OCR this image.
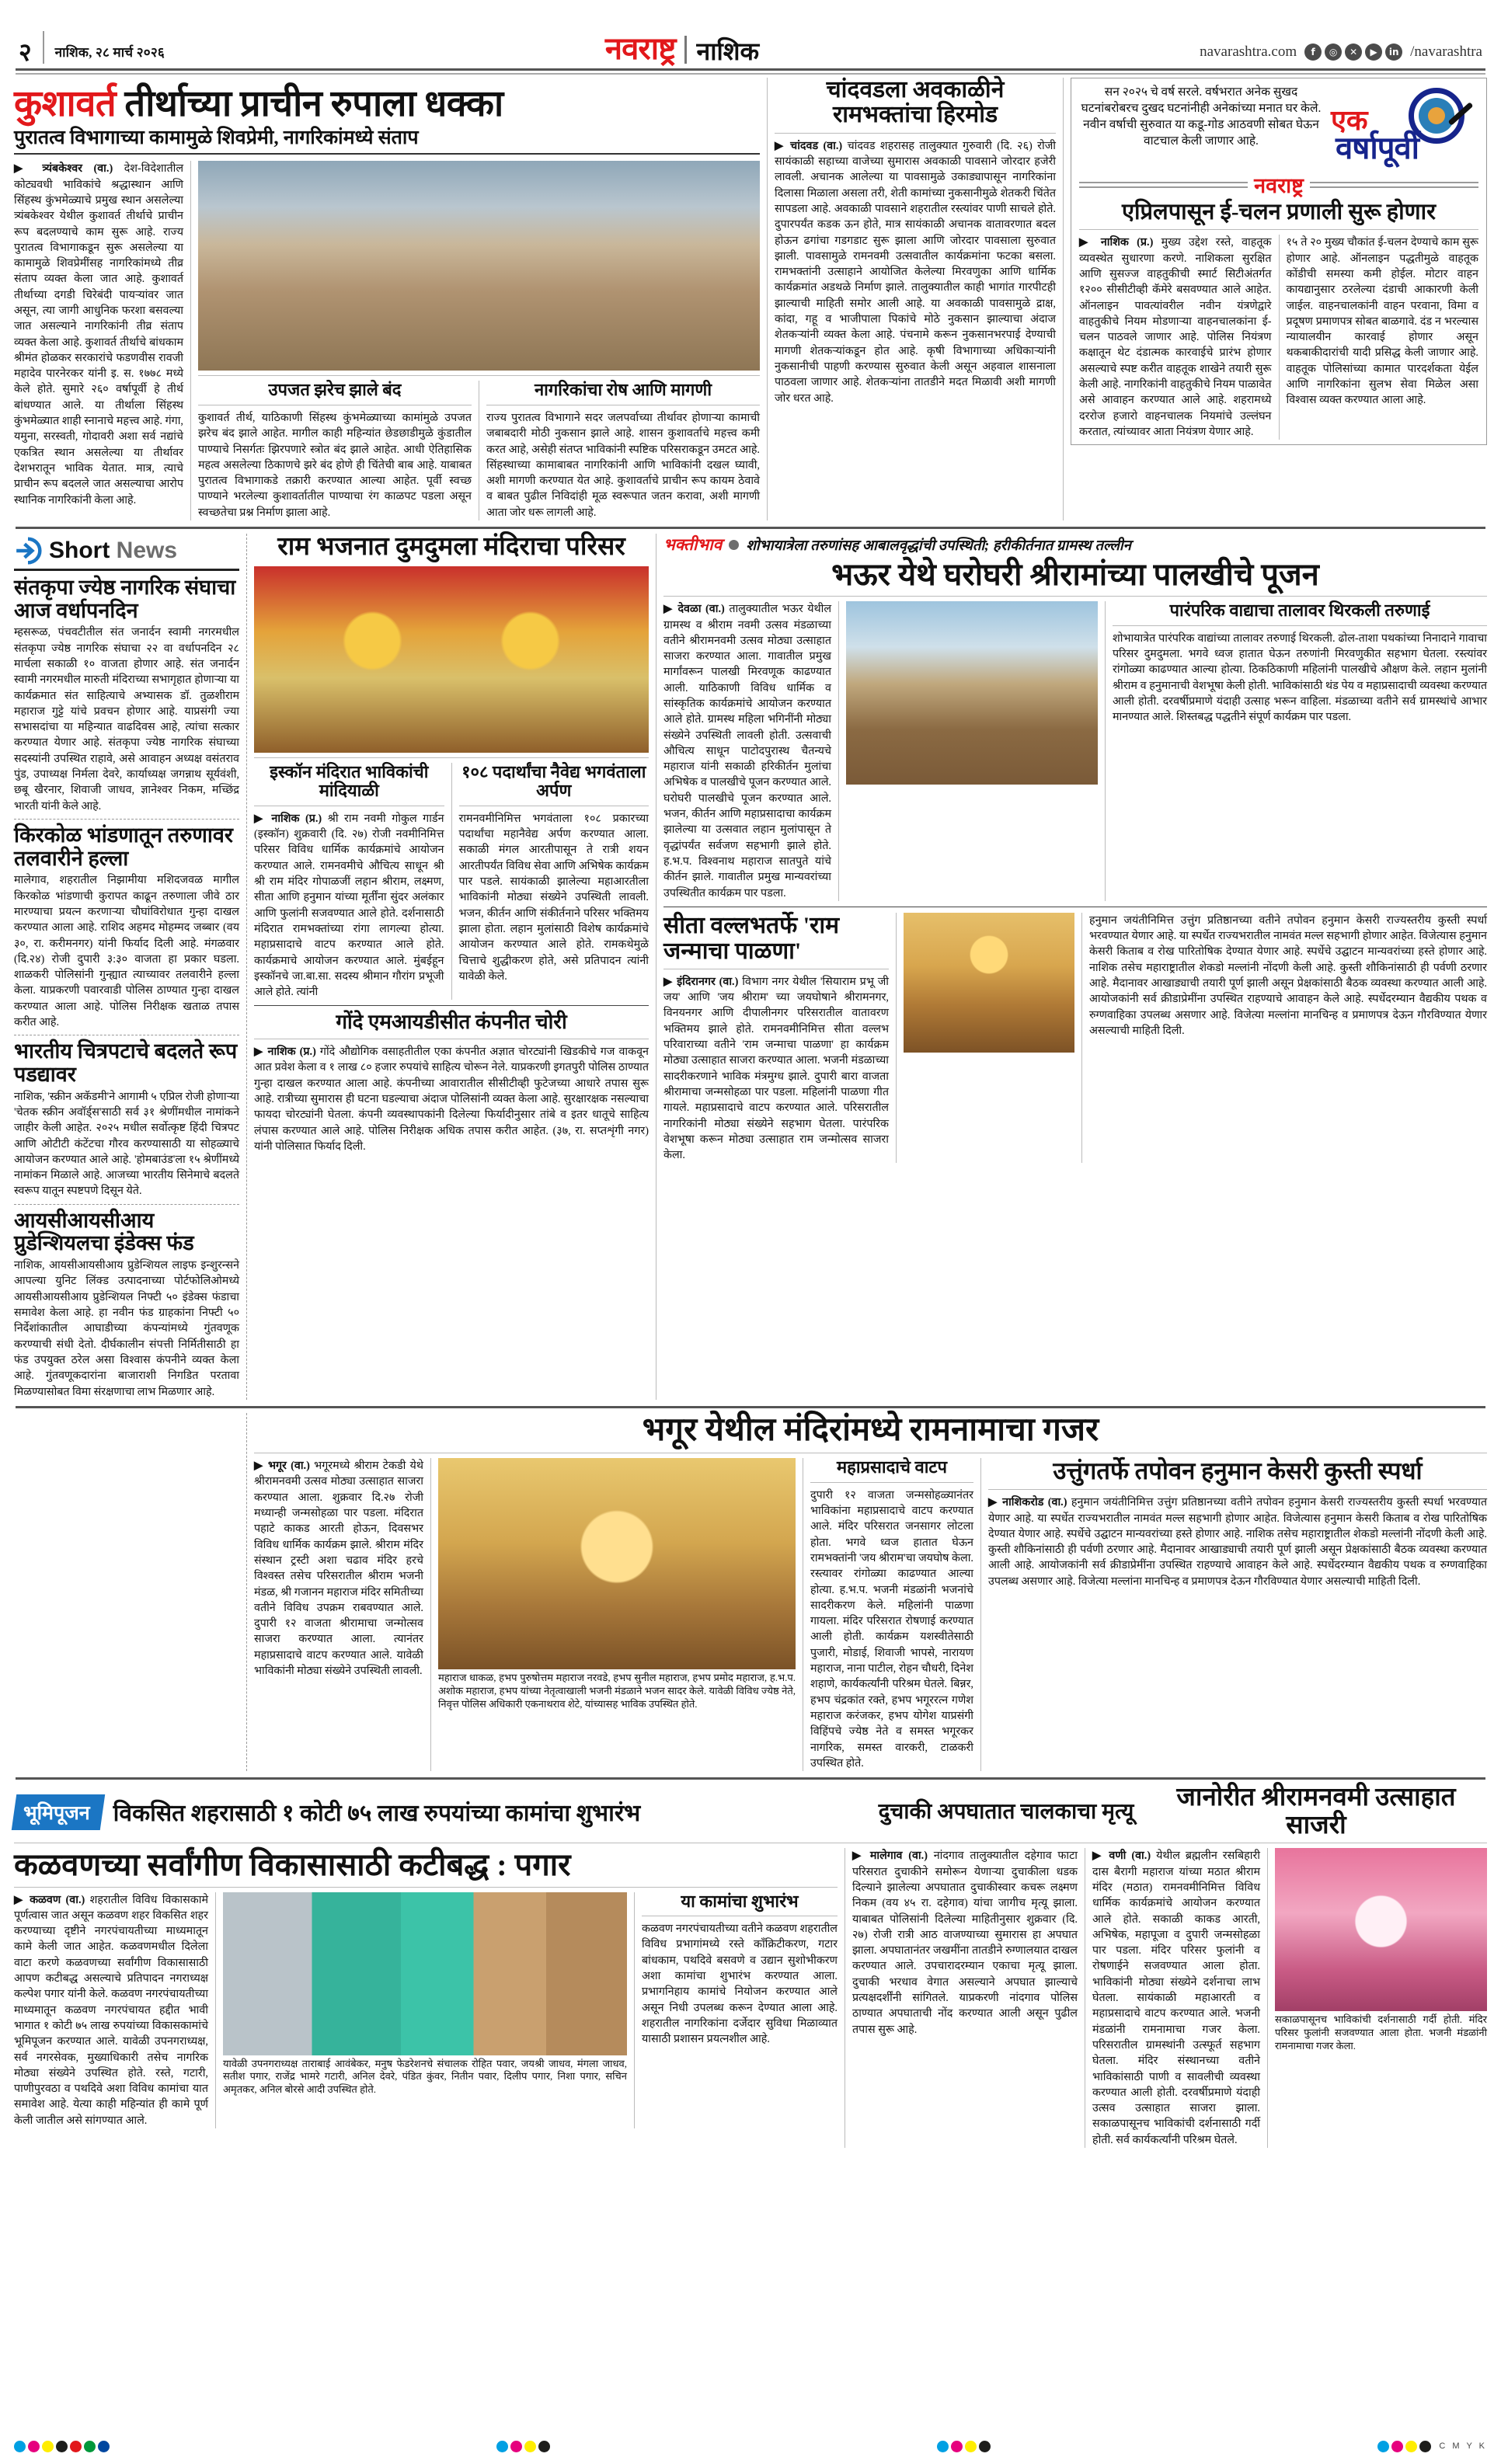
२ नाशिक, २८ मार्च २०२६	नवराष्ट्र नाशिक	navarashtra.com	f	◎	✕	▶	in /navarashtra
कुशावर्त तीर्थाच्या प्राचीन रुपाला धक्का
पुरातत्व विभागाच्या कामामुळे शिवप्रेमी, नागरिकांमध्ये संताप
▶ त्र्यंबकेश्वर (वा.) देश-विदेशातील कोट्यवधी भाविकांचे श्रद्धास्थान आणि सिंहस्थ कुंभमेळ्याचे प्रमुख स्थान असलेल्या त्र्यंबकेश्वर येथील कुशावर्त तीर्थाचे प्राचीन रूप बदलण्याचे काम सुरू आहे. राज्य पुरातत्व विभागाकडून सुरू असलेल्या या कामामुळे शिवप्रेमींसह नागरिकांमध्ये तीव्र संताप व्यक्त केला जात आहे. कुशावर्त तीर्थाच्या दगडी चिरेबंदी पायऱ्यांवर जात असून, त्या जागी आधुनिक फरशा बसवल्या जात असल्याने नागरिकांनी तीव्र संताप व्यक्त केला आहे. कुशावर्त तीर्थाचे बांधकाम श्रीमंत होळकर सरकारांचे फडणवीस रावजी महादेव पारनेरकर यांनी इ. स. १७७८ मध्ये केले होते. सुमारे २६० वर्षापूर्वी हे तीर्थ बांधण्यात आले. या तीर्थाला सिंहस्थ कुंभमेळ्यात शाही स्नानाचे महत्त्व आहे. गंगा, यमुना, सरस्वती, गोदावरी अशा सर्व नद्यांचे एकत्रित स्थान असलेल्या या तीर्थावर देशभरातून भाविक येतात. मात्र, त्याचे प्राचीन रूप बदलले जात असल्याचा आरोप स्थानिक नागरिकांनी केला आहे.
उपजत झरेच झाले बंद
कुशावर्त तीर्थ, याठिकाणी सिंहस्थ कुंभमेळ्याच्या कामांमुळे उपजत झरेच बंद झाले आहेत. मागील काही महिन्यांत छेडछाडीमुळे कुंडातील पाण्याचे निसर्गतः झिरपणारे स्त्रोत बंद झाले आहेत. आधी ऐतिहासिक महत्व असलेल्या ठिकाणचे झरे बंद होणे ही चिंतेची बाब आहे. याबाबत पुरातत्व विभागाकडे तक्रारी करण्यात आल्या आहेत. पूर्वी स्वच्छ पाण्याने भरलेल्या कुशावर्तातील पाण्याचा रंग काळपट पडला असून स्वच्छतेचा प्रश्न निर्माण झाला आहे.
नागरिकांचा रोष आणि मागणी
राज्य पुरातत्व विभागाने सदर जलपर्वाच्या तीर्थावर होणाऱ्या कामाची जबाबदारी मोठी नुकसान झाले आहे. शासन कुशावर्ताचे महत्त्व कमी करत आहे, असेही संतप्त भाविकांनी स्पष्टिक परिसराकडून उमटत आहे. सिंहस्थाच्या कामाबाबत नागरिकांनी आणि भाविकांनी दखल घ्यावी, अशी मागणी करण्यात येत आहे. कुशावर्ताचे प्राचीन रूप कायम ठेवावे व बाबत पुढील निविदांही मूळ स्वरूपात जतन करावा, अशी मागणी आता जोर धरू लागली आहे.
चांदवडला अवकाळीने रामभक्तांचा हिरमोड
▶ चांदवड (वा.) चांदवड शहरासह तालुक्यात गुरुवारी (दि. २६) रोजी सायंकाळी सहाच्या वाजेच्या सुमारास अवकाळी पावसाने जोरदार हजेरी लावली. अचानक आलेल्या या पावसामुळे उकाड्यापासून नागरिकांना दिलासा मिळाला असला तरी, शेती कामांच्या नुकसानीमुळे शेतकरी चिंतेत सापडला आहे. अवकाळी पावसाने शहरातील रस्त्यांवर पाणी साचले होते. दुपारपर्यंत कडक ऊन होते, मात्र सायंकाळी अचानक वातावरणात बदल होऊन ढगांचा गडगडाट सुरू झाला आणि जोरदार पावसाला सुरुवात झाली. पावसामुळे रामनवमी उत्सवातील कार्यक्रमांना फटका बसला. रामभक्तांनी उत्साहाने आयोजित केलेल्या मिरवणुका आणि धार्मिक कार्यक्रमांत अडथळे निर्माण झाले. तालुक्यातील काही भागांत गारपीटही झाल्याची माहिती समोर आली आहे. या अवकाळी पावसामुळे द्राक्ष, कांदा, गहू व भाजीपाला पिकांचे मोठे नुकसान झाल्याचा अंदाज शेतकऱ्यांनी व्यक्त केला आहे. पंचनामे करून नुकसानभरपाई देण्याची मागणी शेतकऱ्यांकडून होत आहे. कृषी विभागाच्या अधिकाऱ्यांनी नुकसानीची पाहणी करण्यास सुरुवात केली असून अहवाल शासनाला पाठवला जाणार आहे. शेतकऱ्यांना तातडीने मदत मिळावी अशी मागणी जोर धरत आहे.
सन २०२५ चे वर्ष सरले. वर्षभरात अनेक सुखद घटनांबरोबरच दुखद घटनांनीही अनेकांच्या मनात घर केले. नवीन वर्षाची सुरुवात या कडू-गोड आठवणी सोबत घेऊन वाटचाल केली जाणार आहे.
एक
वर्षापूर्वी
नवराष्ट्र
एप्रिलपासून ई-चलन प्रणाली सुरू होणार
▶ नाशिक (प्र.) मुख्य उद्देश रस्ते, वाहतूक व्यवस्थेत सुधारणा करणे. नाशिकला सुरक्षित आणि सुसज्ज वाहतुकीची स्मार्ट सिटीअंतर्गत १२०० सीसीटीव्ही कॅमेरे बसवण्यात आले आहेत. ऑनलाइन पावत्यांवरील नवीन यंत्रणेद्वारे वाहतुकीचे नियम मोडणाऱ्या वाहनचालकांना ई-चलन पाठवले जाणार आहे. पोलिस नियंत्रण कक्षातून थेट दंडात्मक कारवाईचे प्रारंभ होणार असल्याचे स्पष्ट करीत वाहतूक शाखेने तयारी सुरू केली आहे. नागरिकांनी वाहतुकीचे नियम पाळावेत असे आवाहन करण्यात आले आहे. शहरामध्ये दररोज हजारो वाहनचालक नियमांचे उल्लंघन करतात, त्यांच्यावर आता नियंत्रण येणार आहे.
१५ ते २० मुख्य चौकांत ई-चलन देण्याचे काम सुरू होणार आहे. ऑनलाइन पद्धतीमुळे वाहतूक कोंडीची समस्या कमी होईल. मोटार वाहन कायद्यानुसार ठरलेल्या दंडाची आकारणी केली जाईल. वाहनचालकांनी वाहन परवाना, विमा व प्रदूषण प्रमाणपत्र सोबत बाळगावे. दंड न भरल्यास न्यायालयीन कारवाई होणार असून थकबाकीदारांची यादी प्रसिद्ध केली जाणार आहे. वाहतूक पोलिसांच्या कामात पारदर्शकता येईल आणि नागरिकांना सुलभ सेवा मिळेल असा विश्वास व्यक्त करण्यात आला आहे.
Short News
संतकृपा ज्येष्ठ नागरिक संघाचा आज वर्धापनदिन
म्हसरूळ, पंचवटीतील संत जनार्दन स्वामी नगरमधील संतकृपा ज्येष्ठ नागरिक संघाचा २२ वा वर्धापनदिन २८ मार्चला सकाळी १० वाजता होणार आहे. संत जनार्दन स्वामी नगरमधील मारुती मंदिराच्या सभागृहात होणाऱ्या या कार्यक्रमात संत साहित्याचे अभ्यासक डॉ. तुळशीराम महाराज गुट्टे यांचे प्रवचन होणार आहे. याप्रसंगी ज्या सभासदांचा या महिन्यात वाढदिवस आहे, त्यांचा सत्कार करण्यात येणार आहे. संतकृपा ज्येष्ठ नागरिक संघाच्या सदस्यांनी उपस्थित राहावे, असे आवाहन अध्यक्ष वसंतराव पुंड, उपाध्यक्ष निर्मला देवरे, कार्याध्यक्ष जगन्नाथ सूर्यवंशी, छबू खैरनार, शिवाजी जाधव, ज्ञानेश्वर निकम, मच्छिंद्र भारती यांनी केले आहे.
किरकोळ भांडणातून तरुणावर तलवारीने हल्ला
मालेगाव, शहरातील निझामीया मशिदजवळ मागील किरकोळ भांडणाची कुरापत काढून तरुणाला जीवे ठार मारण्याचा प्रयत्न करणाऱ्या चौघांविरोधात गुन्हा दाखल करण्यात आला आहे. राशिद अहमद मोहम्मद जब्बार (वय ३०, रा. करीमनगर) यांनी फिर्याद दिली आहे. मंगळवार (दि.२४) रोजी दुपारी ३:३० वाजता हा प्रकार घडला. शाळकरी पोलिसांनी गुन्ह्यात त्याच्यावर तलवारीने हल्ला केला. याप्रकरणी पवारवाडी पोलिस ठाण्यात गुन्हा दाखल करण्यात आला आहे. पोलिस निरीक्षक खताळ तपास करीत आहे.
भारतीय चित्रपटाचे बदलते रूप पडद्यावर
नाशिक, 'स्क्रीन अकॅडमी'ने आगामी ५ एप्रिल रोजी होणाऱ्या 'चेतक स्क्रीन अवॉर्ड्स'साठी सर्व ३१ श्रेणींमधील नामांकने जाहीर केली आहेत. २०२५ मधील सर्वोत्कृष्ट हिंदी चित्रपट आणि ओटीटी कंटेंटचा गौरव करण्यासाठी या सोहळ्याचे आयोजन करण्यात आले आहे. 'होमबाउंड'ला १५ श्रेणींमध्ये नामांकन मिळाले आहे. आजच्या भारतीय सिनेमाचे बदलते स्वरूप यातून स्पष्टपणे दिसून येते.
आयसीआयसीआय प्रुडेन्शियलचा इंडेक्स फंड
नाशिक, आयसीआयसीआय प्रुडेन्शियल लाइफ इन्शुरन्सने आपल्या युनिट लिंक्ड उत्पादनाच्या पोर्टफोलिओमध्ये आयसीआयसीआय प्रुडेन्शियल निफ्टी ५० इंडेक्स फंडाचा समावेश केला आहे. हा नवीन फंड ग्राहकांना निफ्टी ५० निर्देशांकातील आघाडीच्या कंपन्यांमध्ये गुंतवणूक करण्याची संधी देतो. दीर्घकालीन संपत्ती निर्मितीसाठी हा फंड उपयुक्त ठरेल असा विश्वास कंपनीने व्यक्त केला आहे. गुंतवणूकदारांना बाजाराशी निगडित परतावा मिळण्यासोबत विमा संरक्षणाचा लाभ मिळणार आहे.
राम भजनात दुमदुमला मंदिराचा परिसर
इस्कॉन मंदिरात भाविकांची मांदियाळी
▶ नाशिक (प्र.) श्री राम नवमी गोकुल गार्डन (इस्कॉन) शुक्रवारी (दि. २७) रोजी नवमीनिमित्त परिसर विविध धार्मिक कार्यक्रमांचे आयोजन करण्यात आले. रामनवमीचे औचित्य साधून श्री श्री राम मंदिर गोपाळजीं लहान श्रीराम, लक्ष्मण, सीता आणि हनुमान यांच्या मूर्तींना सुंदर अलंकार आणि फुलांनी सजवण्यात आले होते. दर्शनासाठी मंदिरात रामभक्तांच्या रांगा लागल्या होत्या. महाप्रसादाचे वाटप करण्यात आले होते. कार्यक्रमाचे आयोजन करण्यात आले. मुंबईहून इस्कॉनचे जा.बा.सा. सदस्य श्रीमान गौरांग प्रभूजी आले होते. त्यांनी
१०८ पदार्थांचा नैवेद्य भगवंताला अर्पण
रामनवमीनिमित्त भगवंताला १०८ प्रकारच्या पदार्थांचा महानैवेद्य अर्पण करण्यात आला. सकाळी मंगल आरतीपासून ते रात्री शयन आरतीपर्यंत विविध सेवा आणि अभिषेक कार्यक्रम पार पडले. सायंकाळी झालेल्या महाआरतीला भाविकांनी मोठ्या संख्येने उपस्थिती लावली. भजन, कीर्तन आणि संकीर्तनाने परिसर भक्तिमय झाला होता. लहान मुलांसाठी विशेष कार्यक्रमांचे आयोजन करण्यात आले होते. रामकथेमुळे चित्ताचे शुद्धीकरण होते, असे प्रतिपादन त्यांनी यावेळी केले.
गोंदे एमआयडीसीत कंपनीत चोरी
▶ नाशिक (प्र.) गोंदे औद्योगिक वसाहतीतील एका कंपनीत अज्ञात चोरट्यांनी खिडकीचे गज वाकवून आत प्रवेश केला व १ लाख ८० हजार रुपयांचे साहित्य चोरून नेले. याप्रकरणी इगतपुरी पोलिस ठाण्यात गुन्हा दाखल करण्यात आला आहे. कंपनीच्या आवारातील सीसीटीव्ही फुटेजच्या आधारे तपास सुरू आहे. रात्रीच्या सुमारास ही घटना घडल्याचा अंदाज पोलिसांनी व्यक्त केला आहे. सुरक्षारक्षक नसल्याचा फायदा चोरट्यांनी घेतला. कंपनी व्यवस्थापकांनी दिलेल्या फिर्यादीनुसार तांबे व इतर धातूचे साहित्य लंपास करण्यात आले आहे. पोलिस निरीक्षक अधिक तपास करीत आहेत. (३७, रा. सप्तशृंगी नगर) यांनी पोलिसात फिर्याद दिली.
भक्तीभाव शोभायात्रेला तरुणांसह आबालवृद्धांची उपस्थिती; हरीकीर्तनात ग्रामस्थ तल्लीन
भऊर येथे घरोघरी श्रीरामांच्या पालखीचे पूजन
▶ देवळा (वा.) तालुक्यातील भऊर येथील ग्रामस्थ व श्रीराम नवमी उत्सव मंडळाच्या वतीने श्रीरामनवमी उत्सव मोठ्या उत्साहात साजरा करण्यात आला. गावातील प्रमुख मार्गांवरून पालखी मिरवणूक काढण्यात आली. याठिकाणी विविध धार्मिक व सांस्कृतिक कार्यक्रमांचे आयोजन करण्यात आले होते. ग्रामस्थ महिला भगिनींनी मोठ्या संख्येने उपस्थिती लावली होती. उत्सवाची औचित्य साधून पाटोदपुरास्थ चैतन्यचे महाराज यांनी सकाळी हरिकीर्तन मुलांचा अभिषेक व पालखीचे पूजन करण्यात आले. घरोघरी पालखीचे पूजन करण्यात आले. भजन, कीर्तन आणि महाप्रसादाचा कार्यक्रम झालेल्या या उत्सवात लहान मुलांपासून ते वृद्धांपर्यंत सर्वजण सहभागी झाले होते. ह.भ.प. विश्वनाथ महाराज सातपुते यांचे कीर्तन झाले. गावातील प्रमुख मान्यवरांच्या उपस्थितीत कार्यक्रम पार पडला.
पारंपरिक वाद्याचा तालावर थिरकली तरुणाई
शोभायात्रेत पारंपरिक वाद्यांच्या तालावर तरुणाई थिरकली. ढोल-ताशा पथकांच्या निनादाने गावाचा परिसर दुमदुमला. भगवे ध्वज हातात घेऊन तरुणांनी मिरवणुकीत सहभाग घेतला. रस्त्यांवर रांगोळ्या काढण्यात आल्या होत्या. ठिकठिकाणी महिलांनी पालखीचे औक्षण केले. लहान मुलांनी श्रीराम व हनुमानाची वेशभूषा केली होती. भाविकांसाठी थंड पेय व महाप्रसादाची व्यवस्था करण्यात आली होती. दरवर्षीप्रमाणे यंदाही उत्साह भरून वाहिला. मंडळाच्या वतीने सर्व ग्रामस्थांचे आभार मानण्यात आले. शिस्तबद्ध पद्धतीने संपूर्ण कार्यक्रम पार पडला.
सीता वल्लभतर्फे 'राम जन्माचा पाळणा'
▶ इंदिरानगर (वा.) विभाग नगर येथील 'सियाराम प्रभू जी जय' आणि 'जय श्रीराम' च्या जयघोषाने श्रीरामनगर, विनयनगर आणि दीपालीनगर परिसरातील वातावरण भक्तिमय झाले होते. रामनवमीनिमित्त सीता वल्लभ परिवाराच्या वतीने 'राम जन्माचा पाळणा' हा कार्यक्रम मोठ्या उत्साहात साजरा करण्यात आला. भजनी मंडळाच्या सादरीकरणाने भाविक मंत्रमुग्ध झाले. दुपारी बारा वाजता श्रीरामाचा जन्मसोहळा पार पडला. महिलांनी पाळणा गीत गायले. महाप्रसादाचे वाटप करण्यात आले. परिसरातील नागरिकांनी मोठ्या संख्येने सहभाग घेतला. पारंपरिक वेशभूषा करून मोठ्या उत्साहात राम जन्मोत्सव साजरा केला.
हनुमान जयंतीनिमित्त उत्तुंग प्रतिष्ठानच्या वतीने तपोवन हनुमान केसरी राज्यस्तरीय कुस्ती स्पर्धा भरवण्यात येणार आहे. या स्पर्धेत राज्यभरातील नामवंत मल्ल सहभागी होणार आहेत. विजेत्यास हनुमान केसरी किताब व रोख पारितोषिक देण्यात येणार आहे. स्पर्धेचे उद्घाटन मान्यवरांच्या हस्ते होणार आहे. नाशिक तसेच महाराष्ट्रातील शेकडो मल्लांनी नोंदणी केली आहे. कुस्ती शौकिनांसाठी ही पर्वणी ठरणार आहे. मैदानावर आखाड्याची तयारी पूर्ण झाली असून प्रेक्षकांसाठी बैठक व्यवस्था करण्यात आली आहे. आयोजकांनी सर्व क्रीडाप्रेमींना उपस्थित राहण्याचे आवाहन केले आहे. स्पर्धेदरम्यान वैद्यकीय पथक व रुग्णवाहिका उपलब्ध असणार आहे. विजेत्या मल्लांना मानचिन्ह व प्रमाणपत्र देऊन गौरविण्यात येणार असल्याची माहिती दिली.
भगूर येथील मंदिरांमध्ये रामनामाचा गजर
▶ भगूर (वा.) भगूरमध्ये श्रीराम टेकडी येथे श्रीरामनवमी उत्सव मोठ्या उत्साहात साजरा करण्यात आला. शुक्रवार दि.२७ रोजी मध्यान्ही जन्मसोहळा पार पडला. मंदिरात पहाटे काकड आरती होऊन, दिवसभर विविध धार्मिक कार्यक्रम झाले. श्रीराम मंदिर संस्थान ट्रस्टी अशा चढाव मंदिर हरचे विश्वस्त तसेच परिसरातील श्रीराम भजनी मंडळ, श्री गजानन महाराज मंदिर समितीच्या वतीने विविध उपक्रम राबवण्यात आले. दुपारी १२ वाजता श्रीरामाचा जन्मोत्सव साजरा करण्यात आला. त्यानंतर महाप्रसादाचे वाटप करण्यात आले. यावेळी भाविकांनी मोठ्या संख्येने उपस्थिती लावली.
महाराज धाकळ, हभप पुरुषोत्तम महाराज नरवडे, हभप सुनील महाराज, हभप प्रमोद महाराज, ह.भ.प. अशोक महाराज, हभप यांच्या नेतृत्वाखाली भजनी मंडळाने भजन सादर केले. यावेळी विविध ज्येष्ठ नेते, निवृत्त पोलिस अधिकारी एकनाथराव शेटे, यांच्यासह भाविक उपस्थित होते.
महाप्रसादाचे वाटप
दुपारी १२ वाजता जन्मसोहळ्यानंतर भाविकांना महाप्रसादाचे वाटप करण्यात आले. मंदिर परिसरात जनसागर लोटला होता. भगवे ध्वज हातात घेऊन रामभक्तांनी 'जय श्रीराम'चा जयघोष केला. रस्त्यावर रांगोळ्या काढण्यात आल्या होत्या. ह.भ.प. भजनी मंडळांनी भजनांचे सादरीकरण केले. महिलांनी पाळणा गायला. मंदिर परिसरात रोषणाई करण्यात आली होती. कार्यक्रम यशस्वीतेसाठी पुजारी, मोडाई, शिवाजी भापसे, नारायण महाराज, नाना पाटील, रोहन चौधरी, दिनेश शहाणे, कार्यकर्त्यांनी परिश्रम घेतले. बिन्नर, हभप चंद्रकांत रक्ते, हभप भगूररत्न गणेश महाराज करंजकर, हभप योगेश याप्रसंगी विहिंपचे ज्येष्ठ नेते व समस्त भगूरकर नागरिक, समस्त वारकरी, टाळकरी उपस्थित होते.
उत्तुंगतर्फे तपोवन हनुमान केसरी कुस्ती स्पर्धा
▶ नाशिकरोड (वा.) हनुमान जयंतीनिमित्त उत्तुंग प्रतिष्ठानच्या वतीने तपोवन हनुमान केसरी राज्यस्तरीय कुस्ती स्पर्धा भरवण्यात येणार आहे. या स्पर्धेत राज्यभरातील नामवंत मल्ल सहभागी होणार आहेत. विजेत्यास हनुमान केसरी किताब व रोख पारितोषिक देण्यात येणार आहे. स्पर्धेचे उद्घाटन मान्यवरांच्या हस्ते होणार आहे. नाशिक तसेच महाराष्ट्रातील शेकडो मल्लांनी नोंदणी केली आहे. कुस्ती शौकिनांसाठी ही पर्वणी ठरणार आहे. मैदानावर आखाड्याची तयारी पूर्ण झाली असून प्रेक्षकांसाठी बैठक व्यवस्था करण्यात आली आहे. आयोजकांनी सर्व क्रीडाप्रेमींना उपस्थित राहण्याचे आवाहन केले आहे. स्पर्धेदरम्यान वैद्यकीय पथक व रुग्णवाहिका उपलब्ध असणार आहे. विजेत्या मल्लांना मानचिन्ह व प्रमाणपत्र देऊन गौरविण्यात येणार असल्याची माहिती दिली.
भूमिपूजन	विकसित शहरासाठी १ कोटी ७५ लाख रुपयांच्या कामांचा शुभारंभ	दुचाकी अपघातात चालकाचा मृत्यू	जानोरीत श्रीरामनवमी उत्साहात साजरी
कळवणच्या सर्वांगीण विकासासाठी कटीबद्ध : पगार
▶ कळवण (वा.) शहरातील विविध विकासकामे पूर्णत्वास जात असून कळवण शहर विकसित शहर करण्याच्या दृष्टीने नगरपंचायतीच्या माध्यमातून कामे केली जात आहेत. कळवणमधील दिलेला वाटा करणे कळवणच्या सर्वांगीण विकासासाठी आपण कटीबद्ध असल्याचे प्रतिपादन नगराध्यक्ष कल्पेश पगार यांनी केले. कळवण नगरपंचायतीच्या माध्यमातून कळवण नगरपंचायत हद्दीत भावी भागात १ कोटी ७५ लाख रुपयांच्या विकासकामांचे भूमिपूजन करण्यात आले. यावेळी उपनगराध्यक्ष, सर्व नगरसेवक, मुख्याधिकारी तसेच नागरिक मोठ्या संख्येने उपस्थित होते. रस्ते, गटारी, पाणीपुरवठा व पथदिवे अशा विविध कामांचा यात समावेश आहे. येत्या काही महिन्यांत ही कामे पूर्ण केली जातील असे सांगण्यात आले.
यावेळी उपनगराध्यक्ष ताराबाई आवंबेकर, मनुष फेडरेशनचे संचालक रोहित पवार, जयश्री जाधव, मंगला जाधव, सतीश पगार, राजेंद्र भामरे गटारी, अनिल देवरे, पंडित कुंवर, नितीन पवार, दिलीप पगार, निशा पगार, सचिन अमृतकर, अनिल बोरसे आदी उपस्थित होते.
या कामांचा शुभारंभ
कळवण नगरपंचायतीच्या वतीने कळवण शहरातील विविध प्रभागांमध्ये रस्ते काँक्रिटीकरण, गटार बांधकाम, पथदिवे बसवणे व उद्यान सुशोभीकरण अशा कामांचा शुभारंभ करण्यात आला. प्रभागनिहाय कामांचे नियोजन करण्यात आले असून निधी उपलब्ध करून देण्यात आला आहे. शहरातील नागरिकांना दर्जेदार सुविधा मिळाव्यात यासाठी प्रशासन प्रयत्नशील आहे.
▶ मालेगाव (वा.) नांदगाव तालुक्यातील दहेगाव फाटा परिसरात दुचाकीने समोरून येणाऱ्या दुचाकीला धडक दिल्याने झालेल्या अपघातात दुचाकीस्वार कचरू लक्ष्मण निकम (वय ४५ रा. दहेगाव) यांचा जागीच मृत्यू झाला. याबाबत पोलिसांनी दिलेल्या माहितीनुसार शुक्रवार (दि. २७) रोजी रात्री आठ वाजण्याच्या सुमारास हा अपघात झाला. अपघातानंतर जखमींना तातडीने रुग्णालयात दाखल करण्यात आले. उपचारादरम्यान एकाचा मृत्यू झाला. दुचाकी भरधाव वेगात असल्याने अपघात झाल्याचे प्रत्यक्षदर्शींनी सांगितले. याप्रकरणी नांदगाव पोलिस ठाण्यात अपघाताची नोंद करण्यात आली असून पुढील तपास सुरू आहे.
▶ वणी (वा.) येथील ब्रह्मलीन रसबिहारी दास बैरागी महाराज यांच्या मठात श्रीराम मंदिर (मठात) रामनवमीनिमित्त विविध धार्मिक कार्यक्रमांचे आयोजन करण्यात आले होते. सकाळी काकड आरती, अभिषेक, महापूजा व दुपारी जन्मसोहळा पार पडला. मंदिर परिसर फुलांनी व रोषणाईने सजवण्यात आला होता. भाविकांनी मोठ्या संख्येने दर्शनाचा लाभ घेतला. सायंकाळी महाआरती व महाप्रसादाचे वाटप करण्यात आले. भजनी मंडळांनी रामनामाचा गजर केला. परिसरातील ग्रामस्थांनी उत्स्फूर्त सहभाग घेतला. मंदिर संस्थानच्या वतीने भाविकांसाठी पाणी व सावलीची व्यवस्था करण्यात आली होती. दरवर्षीप्रमाणे यंदाही उत्सव उत्साहात साजरा झाला. सकाळपासूनच भाविकांची दर्शनासाठी गर्दी होती. सर्व कार्यकर्त्यांनी परिश्रम घेतले.
सकाळपासूनच भाविकांची दर्शनासाठी गर्दी होती. मंदिर परिसर फुलांनी सजवण्यात आला होता. भजनी मंडळांनी रामनामाचा गजर केला.
C M Y K
